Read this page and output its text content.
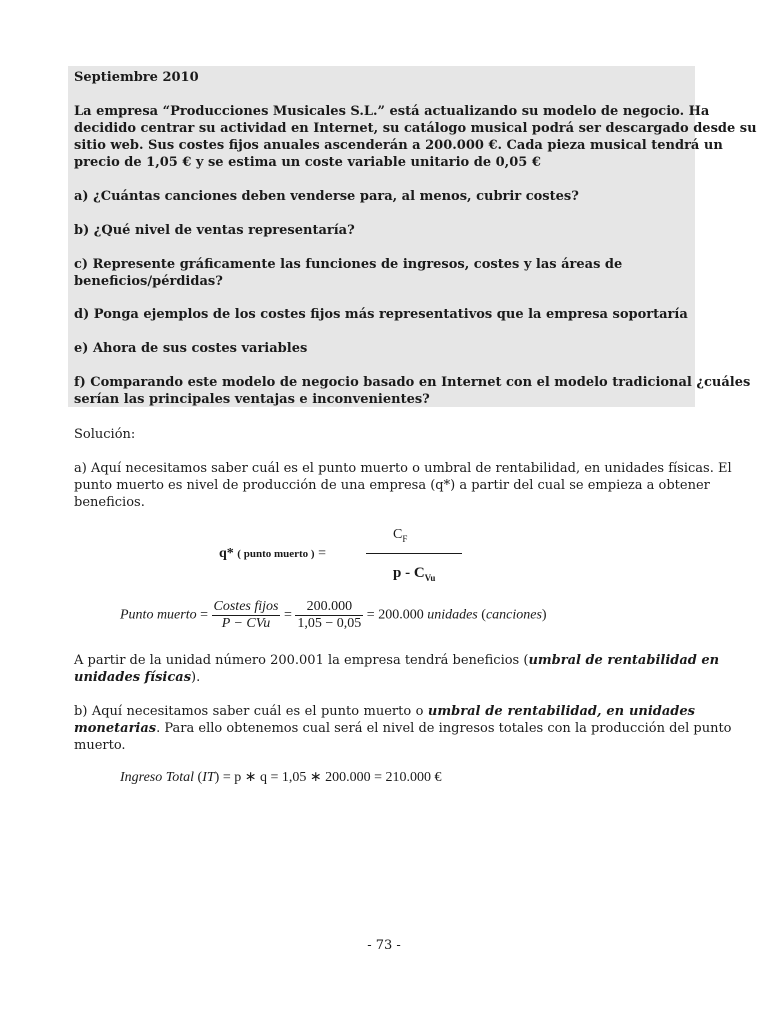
Septiembre 2010
La empresa “Producciones Musicales S.L.” está actualizando su modelo de negocio. Ha
decidido centrar su actividad en Internet, su catálogo musical podrá ser descargado desde su
sitio web. Sus costes fijos anuales ascenderán a 200.000 €. Cada pieza musical tendrá un
precio de 1,05 € y se estima un coste variable unitario de 0,05 €
a) ¿Cuántas canciones deben venderse para, al menos, cubrir costes?
b) ¿Qué nivel de ventas representaría?
c) Represente gráficamente las funciones de ingresos, costes y las áreas de
beneficios/pérdidas?
d) Ponga ejemplos de los costes fijos más representativos que la empresa soportaría
e) Ahora de sus costes variables
f) Comparando este modelo de negocio basado en Internet con el modelo tradicional ¿cuáles
serían las principales ventajas e inconvenientes?
Solución:
a) Aquí necesitamos saber cuál es el punto muerto o umbral de rentabilidad, en unidades físicas. El
punto muerto es nivel de producción de una empresa (q*) a partir del cual se empieza a obtener
beneficios.
q* ( punto muerto ) =
$C_F$
p - $C_{Vu}$
Punto muerto = $\frac{\text{Costes fijos}}{\text{P − CVu}} = \frac{200.000}{1,05 - 0,05} = 200.000$ unidades (canciones)
A partir de la unidad número 200.001 la empresa tendrá beneficios (umbral de rentabilidad en
unidades físicas).
b) Aquí necesitamos saber cuál es el punto muerto o umbral de rentabilidad, en unidades
monetarias. Para ello obtenemos cual será el nivel de ingresos totales con la producción del punto
muerto.
Ingreso Total (IT) = p ∗ q = 1,05 ∗ 200.000 = 210.000 €
- 73 -
